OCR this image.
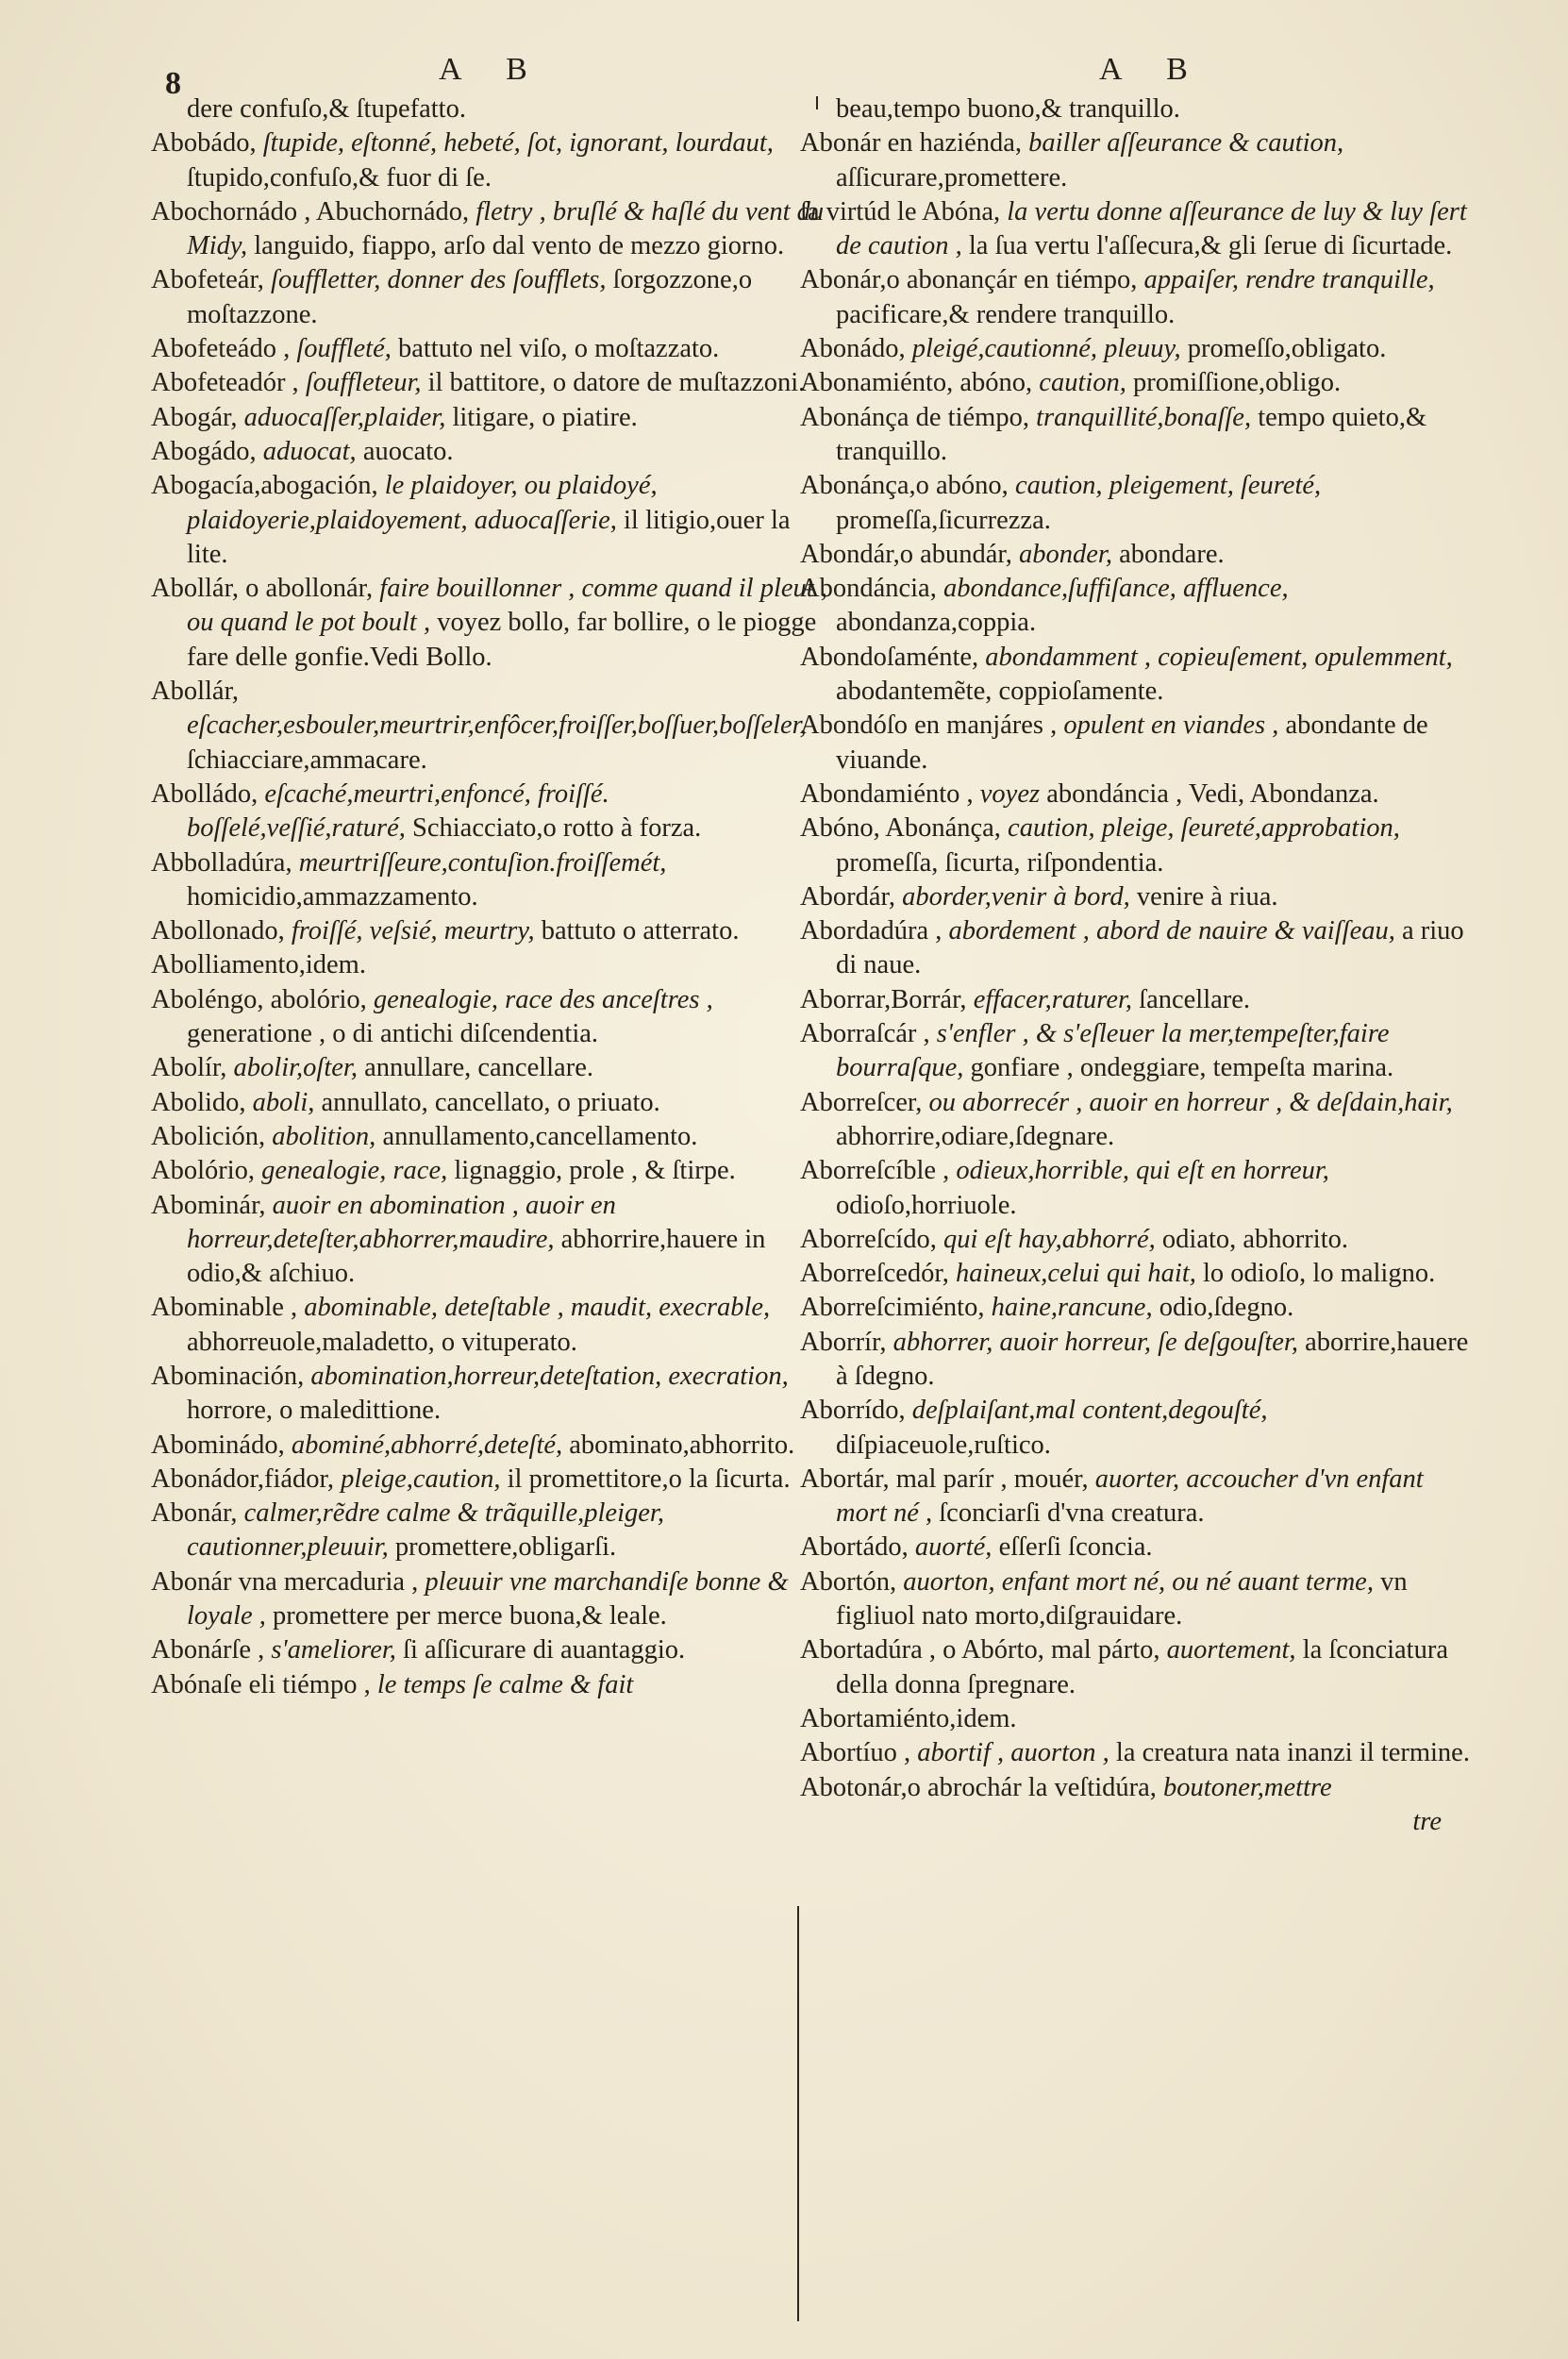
8	A B	A B
dere confuſo,& ſtupefatto.
Abobádo, ſtupide, eſtonné, hebeté, ſot, ignorant, lourdaut, ſtupido,confuſo,& fuor di ſe.
Abochornádo , Abuchornádo, fletry , bruſlé & haſlé du vent du Midy, languido, fiappo, arſo dal vento de mezzo giorno.
Abofeteár, ſouffletter, donner des ſoufflets, ſorgozzone,o moſtazzone.
Abofeteádo , ſouffleté, battuto nel viſo, o moſtazzato.
Abofeteadór , ſouffleteur, il battitore, o datore de muſtazzoni.
Abogár, aduocaſſer,plaider, litigare, o piatire.
Abogádo, aduocat, auocato.
Abogacía,abogación, le plaidoyer, ou plaidoyé, plaidoyerie,plaidoyement, aduocaſſerie, il litigio,ouer la lite.
Abollár, o abollonár, faire bouillonner , comme quand il pleut , ou quand le pot boult , voyez bollo, far bollire, o le piogge fare delle gonfie.Vedi Bollo.
Abollár, eſcacher,esbouler,meurtrir,enfôcer,froiſſer,boſſuer,boſſeler, ſchiacciare,ammacare.
Abolládo, eſcaché,meurtri,enfoncé, froiſſé. boſſelé,veſſié,raturé, Schiacciato,o rotto à forza.
Abbolladúra, meurtriſſeure,contuſion.froiſſemét, homicidio,ammazzamento.
Abollonado, froiſſé, veſsié, meurtry, battuto o atterrato.
Abolliamento,idem.
Aboléngo, abolório, genealogie, race des anceſtres , generatione , o di antichi diſcendentia.
Abolír, abolir,oſter, annullare, cancellare.
Abolido, aboli, annullato, cancellato, o priuato.
Abolición, abolition, annullamento,cancellamento.
Abolório, genealogie, race, lignaggio, prole , & ſtirpe.
Abominár, auoir en abomination , auoir en horreur,deteſter,abhorrer,maudire, abhorrire,hauere in odio,& aſchiuo.
Abominable , abominable, deteſtable , maudit, execrable, abhorreuole,maladetto, o vituperato.
Abominación, abomination,horreur,deteſtation, execration, horrore, o maledittione.
Abominádo, abominé,abhorré,deteſté, abominato,abhorrito.
Abonádor,fiádor, pleige,caution, il promettitore,o la ſicurta.
Abonár, calmer,rẽdre calme & trãquille,pleiger, cautionner,pleuuir, promettere,obligarſi.
Abonár vna mercaduria , pleuuir vne marchandiſe bonne & loyale , promettere per merce buona,& leale.
Abonárſe , s'ameliorer, ſi aſſicurare di auantaggio.
Abónaſe eli tiémpo , le temps ſe calme & fait
beau,tempo buono,& tranquillo.
Abonár en haziénda, bailler aſſeurance & caution, aſſicurare,promettere.
ſa virtúd le Abóna, la vertu donne aſſeurance de luy & luy ſert de caution , la ſua vertu l'aſſecura,& gli ſerue di ſicurtade.
Abonár,o abonançár en tiémpo, appaiſer, rendre tranquille, pacificare,& rendere tranquillo.
Abonádo, pleigé,cautionné, pleuuy, promeſſo,obligato.
Abonamiénto, abóno, caution, promiſſione,obligo.
Abonánça de tiémpo, tranquillité,bonaſſe, tempo quieto,& tranquillo.
Abonánça,o abóno, caution, pleigement, ſeureté, promeſſa,ſicurrezza.
Abondár,o abundár, abonder, abondare.
Abondáncia, abondance,ſuffiſance, affluence, abondanza,coppia.
Abondoſaménte, abondamment , copieuſement, opulemment, abodantemẽte, coppioſamente.
Abondóſo en manjáres , opulent en viandes , abondante de viuande.
Abondamiénto , voyez abondáncia , Vedi, Abondanza.
Abóno, Abonánça, caution, pleige, ſeureté,approbation, promeſſa, ſicurta, riſpondentia.
Abordár, aborder,venir à bord, venire à riua.
Abordadúra , abordement , abord de nauire & vaiſſeau, a riuo di naue.
Aborrar,Borrár, effacer,raturer, ſancellare.
Aborraſcár , s'enfler , & s'eſleuer la mer,tempeſter,faire bourraſque, gonfiare , ondeggiare, tempeſta marina.
Aborreſcer, ou aborrecér , auoir en horreur , & deſdain,hair, abhorrire,odiare,ſdegnare.
Aborreſcíble , odieux,horrible, qui eſt en horreur, odioſo,horriuole.
Aborreſcído, qui eſt hay,abhorré, odiato, abhorrito.
Aborreſcedór, haineux,celui qui hait, lo odioſo, lo maligno.
Aborreſcimiénto, haine,rancune, odio,ſdegno.
Aborrír, abhorrer, auoir horreur, ſe deſgouſter, aborrire,hauere à ſdegno.
Aborrído, deſplaiſant,mal content,degouſté, diſpiaceuole,ruſtico.
Abortár, mal parír , mouér, auorter, accoucher d'vn enfant mort né , ſconciarſi d'vna creatura.
Abortádo, auorté, eſſerſi ſconcia.
Abortón, auorton, enfant mort né, ou né auant terme, vn figliuol nato morto,diſgrauidare.
Abortadúra , o Abórto, mal párto, auortement, la ſconciatura della donna ſpregnare.
Abortamiénto,idem.
Abortíuo , abortif , auorton , la creatura nata inanzi il termine.
Abotonár,o abrochár la veſtidúra, boutoner,mettre
tre
